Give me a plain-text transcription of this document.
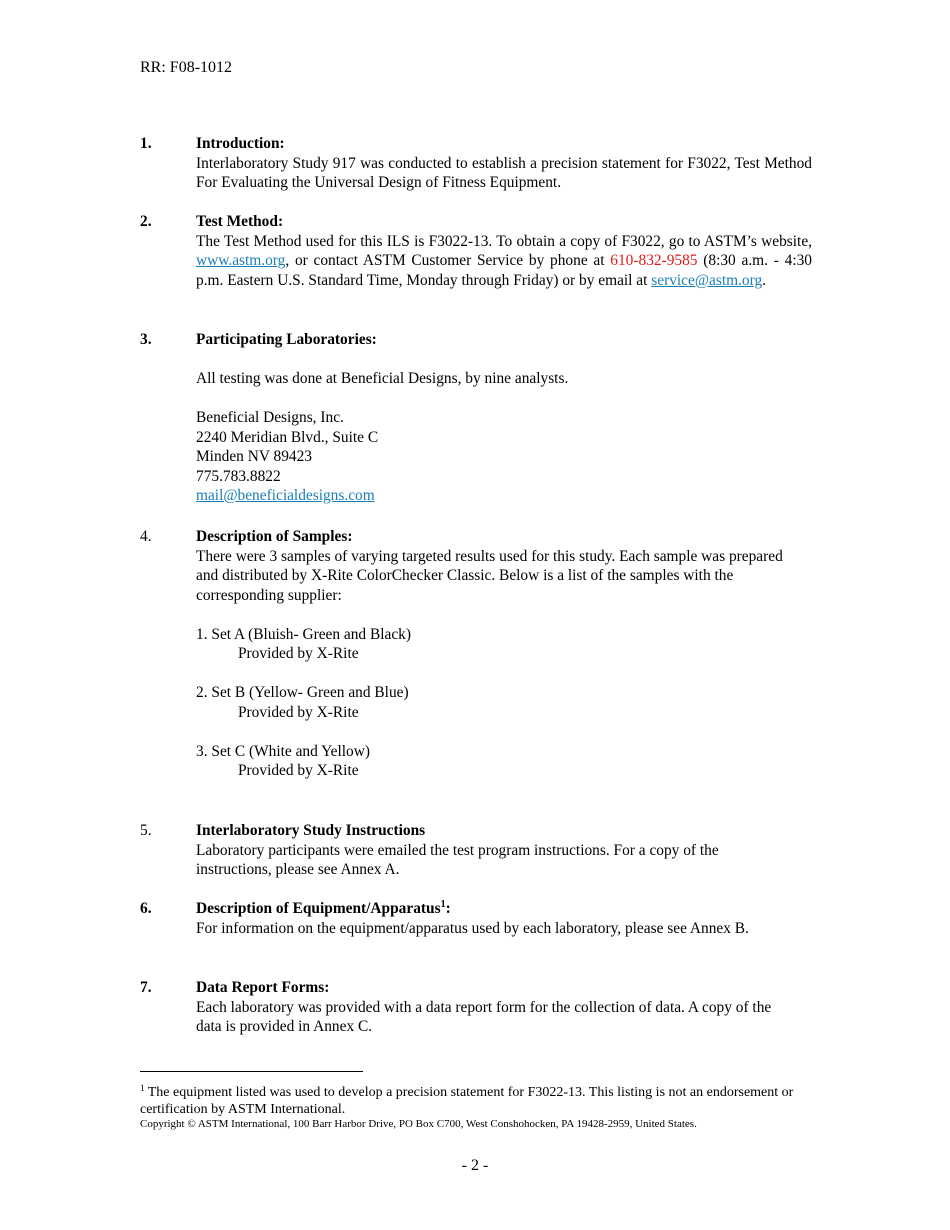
RR: F08-1012
1.	Introduction:
Interlaboratory Study 917 was conducted to establish a precision statement for F3022, Test Method For Evaluating the Universal Design of Fitness Equipment.
2.	Test Method:
The Test Method used for this ILS is F3022-13. To obtain a copy of F3022, go to ASTM’s website, www.astm.org, or contact ASTM Customer Service by phone at 610-832-9585 (8:30 a.m. - 4:30 p.m. Eastern U.S. Standard Time, Monday through Friday) or by email at service@astm.org.
3.	Participating Laboratories:
All testing was done at Beneficial Designs, by nine analysts.
Beneficial Designs, Inc.
2240 Meridian Blvd., Suite C
Minden NV 89423
775.783.8822
mail@beneficialdesigns.com
4.	Description of Samples:
There were 3 samples of varying targeted results used for this study. Each sample was prepared and distributed by X-Rite ColorChecker Classic. Below is a list of the samples with the corresponding supplier:
1. Set A (Bluish- Green and Black)
Provided by X-Rite
2. Set B (Yellow- Green and Blue)
Provided by X-Rite
3. Set C (White and Yellow)
Provided by X-Rite
5.	Interlaboratory Study Instructions
Laboratory participants were emailed the test program instructions. For a copy of the instructions, please see Annex A.
6.	Description of Equipment/Apparatus$^1$:
For information on the equipment/apparatus used by each laboratory, please see Annex B.
7.	Data Report Forms:
Each laboratory was provided with a data report form for the collection of data. A copy of the data is provided in Annex C.
$^1$ The equipment listed was used to develop a precision statement for F3022-13. This listing is not an endorsement or certification by ASTM International.
Copyright © ASTM International, 100 Barr Harbor Drive, PO Box C700, West Conshohocken, PA 19428-2959, United States.
- 2 -
